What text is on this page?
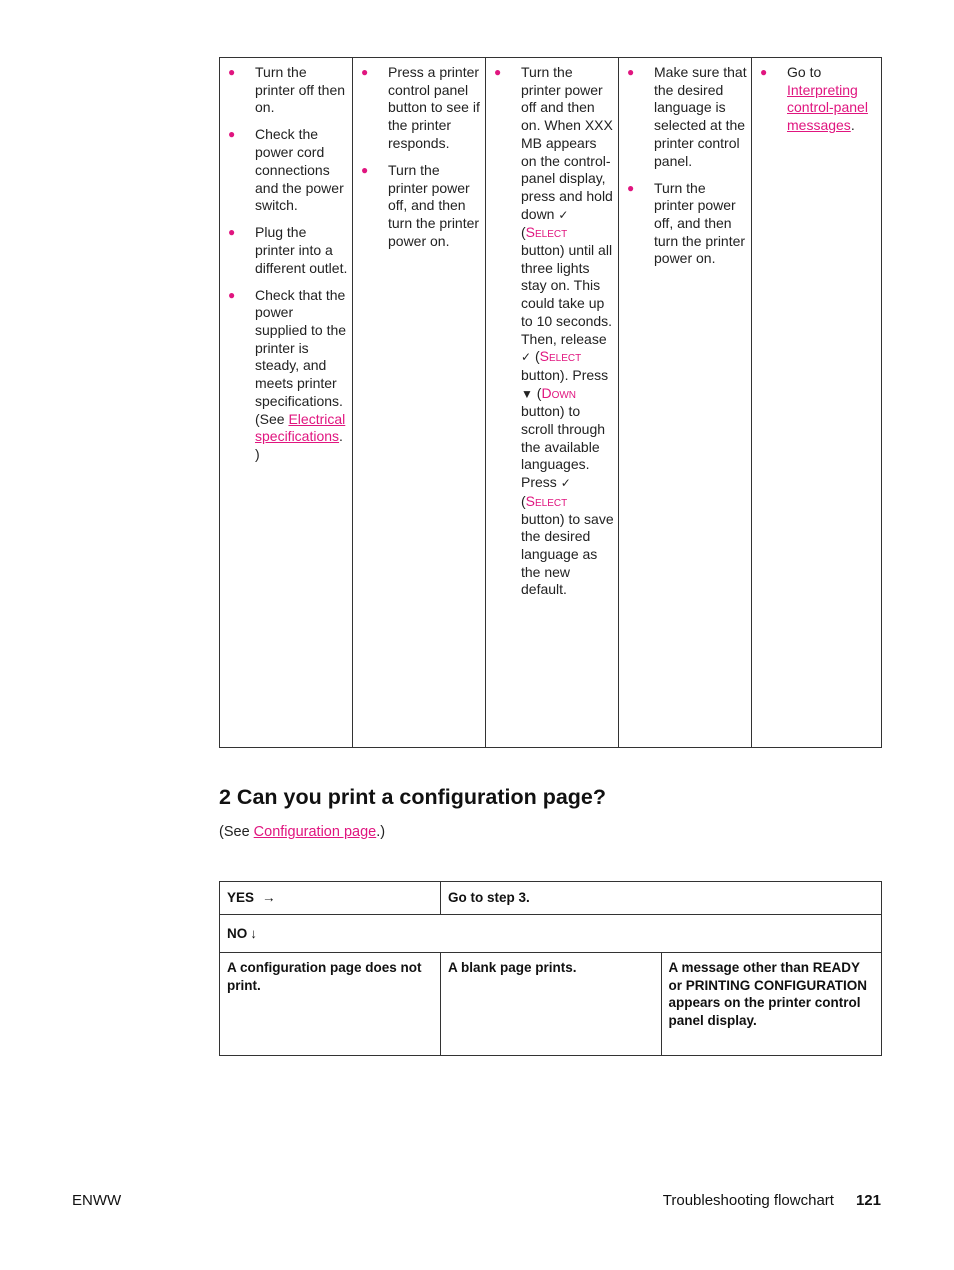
● Turn the printer off then on.
● Check the power cord connections and the power switch.
● Plug the printer into a different outlet.
● Check that the power supplied to the printer is steady, and meets printer specifications. (See Electrical specifications. )

● Press a printer control panel button to see if the printer responds.
● Turn the printer power off, and then turn the printer power on.

● Turn the printer power off and then on. When XXX MB appears on the control-panel display, press and hold down ✓ (Select button) until all three lights stay on. This could take up to 10 seconds. Then, release ✓ (Select button). Press ▼ (Down button) to scroll through the available languages. Press ✓ (Select button) to save the desired language as the new default.

● Make sure that the desired language is selected at the printer control panel.
● Turn the printer power off, and then turn the printer power on.

● Go to Interpreting control-panel messages.
2 Can you print a configuration page?
(See Configuration page.)
YES →	Go to step 3.	
NO ↓		
A configuration page does not print.	A blank page prints.	A message other than READY or PRINTING CONFIGURATION appears on the printer control panel display.
ENWW	Troubleshooting flowchart 121
